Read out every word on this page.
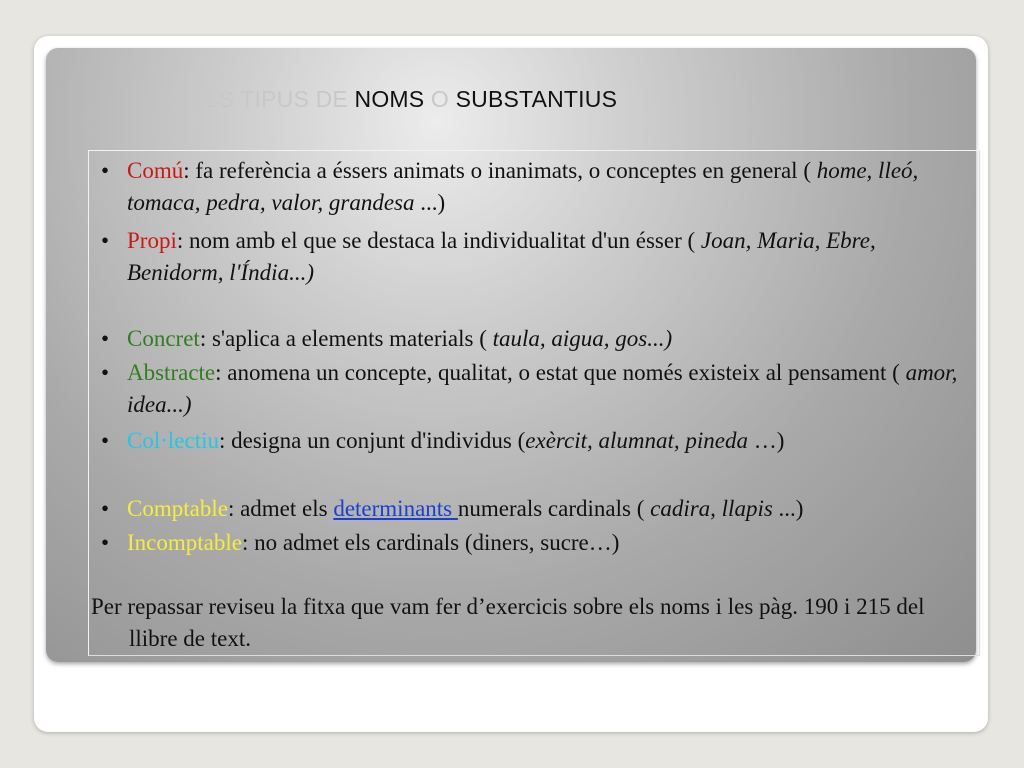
ELS TIPUS DE NOMS O SUBSTANTIUS
• Comú: fa referència a éssers animats o inanimats, o conceptes en general ( home, lleó, tomaca, pedra, valor, grandesa ...)
• Propi: nom amb el que se destaca la individualitat d'un ésser ( Joan, Maria, Ebre, Benidorm, l'Índia...)
• Concret: s'aplica a elements materials ( taula, aigua, gos...)
• Abstracte: anomena un concepte, qualitat, o estat que només existeix al pensament ( amor, idea...)
• Col·lectiu: designa un conjunt d'individus (exèrcit, alumnat, pineda …)
• Comptable: admet els determinants numerals cardinals ( cadira, llapis ...)
• Incomptable: no admet els cardinals (diners, sucre…)
Per repassar reviseu la fitxa que vam fer d’exercicis sobre els noms i les pàg. 190 i 215 del llibre de text.
